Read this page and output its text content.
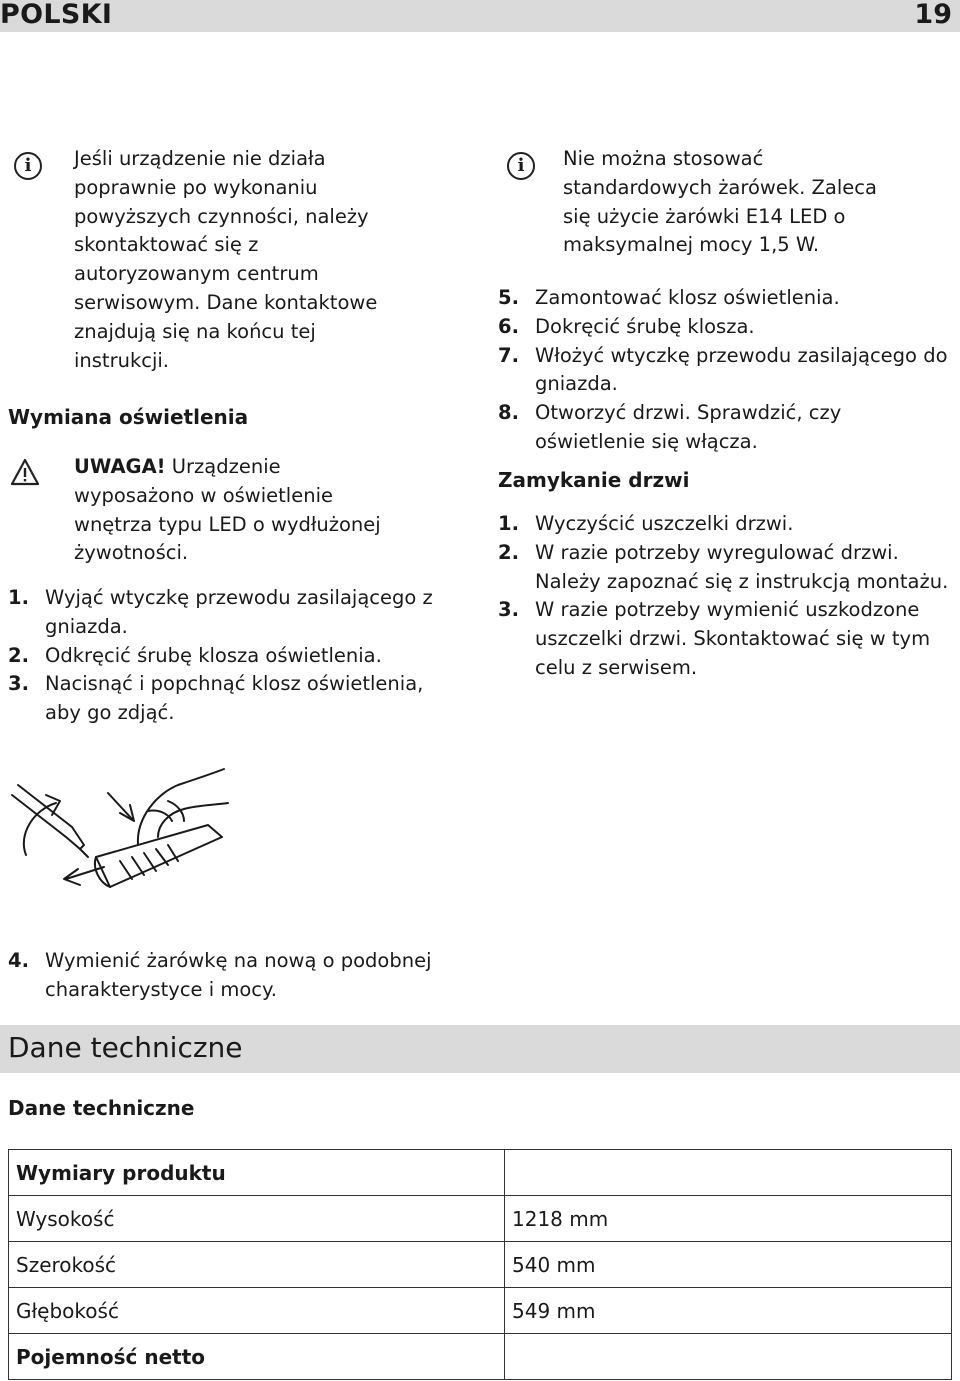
POLSKI	19
i	Jeśli urządzenie nie działa poprawnie po wykonaniu powyższych czynności, należy skontaktować się z autoryzowanym centrum serwisowym. Dane kontaktowe znajdują się na końcu tej instrukcji.

Wymiana oświetlenia

UWAGA! Urządzenie wyposażono w oświetlenie wnętrza typu LED o wydłużonej żywotności.

1. Wyjąć wtyczkę przewodu zasilającego z gniazda.
2. Odkręcić śrubę klosza oświetlenia.
3. Nacisnąć i popchnąć klosz oświetlenia, aby go zdjąć.
4. Wymienić żarówkę na nową o podobnej charakterystyce i mocy.
i	Nie można stosować standardowych żarówek. Zaleca się użycie żarówki E14 LED o maksymalnej mocy 1,5 W.

5. Zamontować klosz oświetlenia.
6. Dokręcić śrubę klosza.
7. Włożyć wtyczkę przewodu zasilającego do gniazda.
8. Otworzyć drzwi. Sprawdzić, czy oświetlenie się włącza.
Zamykanie drzwi
1. Wyczyścić uszczelki drzwi.
2. W razie potrzeby wyregulować drzwi. Należy zapoznać się z instrukcją montażu.
3. W razie potrzeby wymienić uszkodzone uszczelki drzwi. Skontaktować się w tym celu z serwisem.
Dane techniczne
Dane techniczne
Wymiary produktu	
Wysokość	1218 mm
Szerokość	540 mm
Głębokość	549 mm
Pojemność netto	
